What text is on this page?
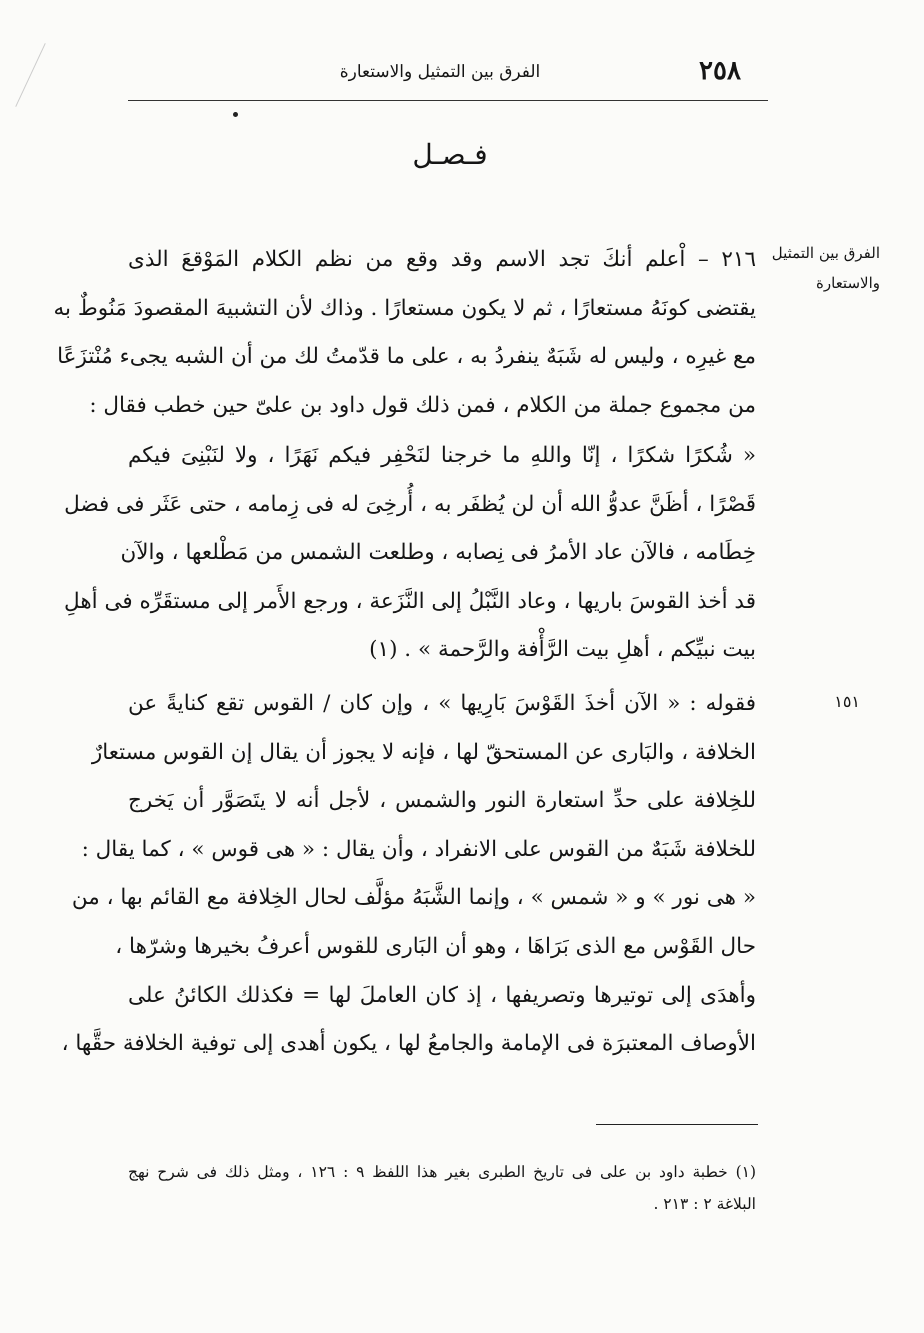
٢٥٨
الفرق بين التمثيل والاستعارة
فـصـل
الفرق بين التمثيل
والاستعارة
١٥١
٢١٦ – اْعلم أنكَ تجد الاسم وقد وقع من نظم الكلام المَوْقعَ الذى
يقتضى كونَهُ مستعارًا ، ثم لا يكون مستعارًا . وذاك لأن التشبيهَ المقصودَ مَنُوطٌ به
مع غيرِه ، وليس له شَبَهٌ ينفردُ به ، على ما قدّمتُ لك من أن الشبه يجىء مُنْتزَعًا
من مجموع جملة من الكلام ، فمن ذلك قول داود بن علىّ حين خطب فقال :
« شُكرًا شكرًا ، إنّا واللهِ ما خرجنا لنَحْفِر فيكم نَهَرًا ، ولا لنَبْنِىَ فيكم
قَصْرًا ، أظَنَّ عدوُّ الله أن لن يُظفَر به ، أُرخِىَ له فى زِمامه ، حتى عَثَر فى فضل
خِطَامه ، فالآن عاد الأمرُ فى نِصابه ، وطلعت الشمس من مَطْلعها ، والآن
قد أخذ القوسَ باريها ، وعاد النَّبْلُ إلى النَّزَعة ، ورجع الأَمر إلى مستقَرِّه فى أهلِ
بيت نبيِّكم ، أهلِ بيت الرَّأْفة والرَّحمة » . (١)
فقوله : « الآن أخذَ القَوْسَ بَارِيها » ، وإن كان / القوس تقع كنايةً عن
الخلافة ، والبَارى عن المستحقّ لها ، فإنه لا يجوز أن يقال إن القوس مستعارٌ
للخِلافة على حدِّ استعارة النور والشمس ، لأجل أنه لا يتَصَوَّر أن يَخرج
للخلافة شَبَهٌ من القوس على الانفراد ، وأن يقال : « هى قوس » ، كما يقال :
« هى نور » و « شمس » ، وإنما الشَّبَهُ مؤلَّف لحال الخِلافة مع القائم بها ، من
حال القَوْس مع الذى بَرَاهَا ، وهو أن البَارى للقوس أعرفُ بخيرها وشرّها ،
وأهدَى إلى توتيرها وتصريفها ، إذ كان العاملَ لها = فكذلك الكائنُ على
الأوصاف المعتبرَة فى الإمامة والجامعُ لها ، يكون أهدى إلى توفية الخلافة حقَّها ،
(١) خطبة داود بن على فى تاريخ الطبرى بغير هذا اللفظ ٩ : ١٢٦ ، ومثل ذلك فى شرح نهج
البلاغة ٢ : ٢١٣ .
